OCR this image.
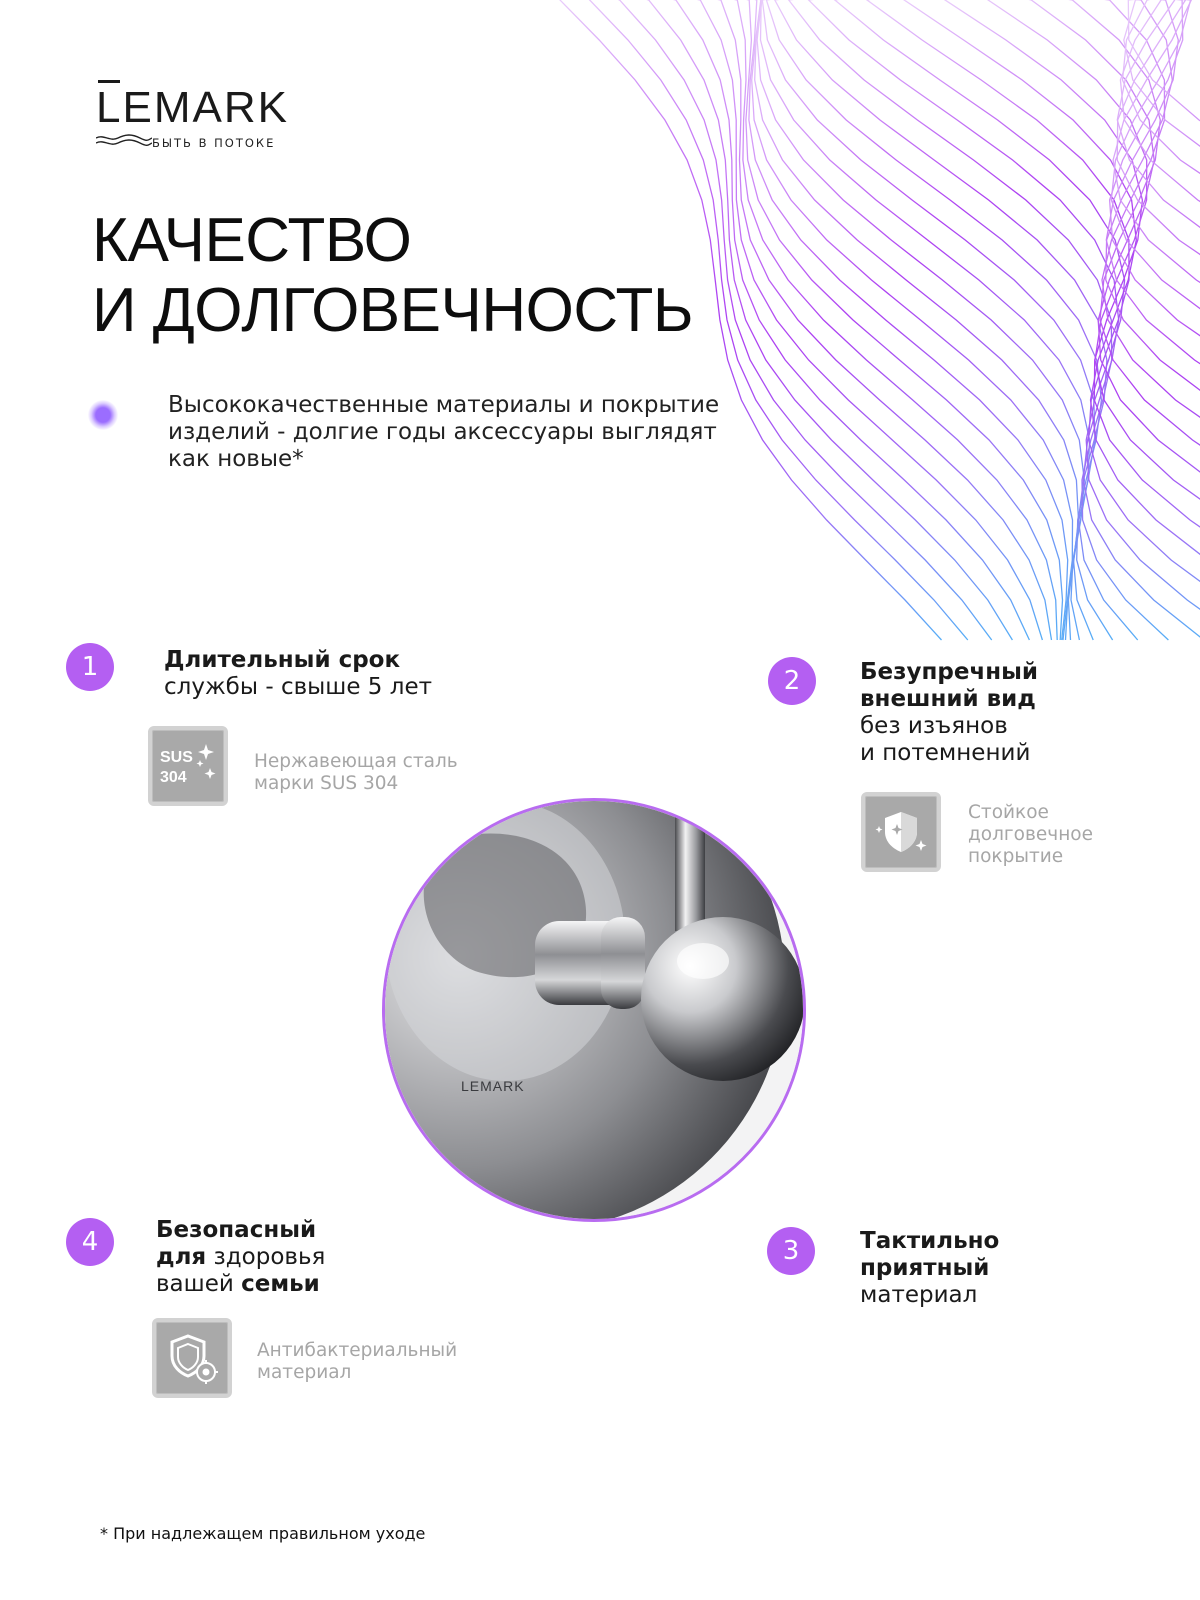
LEMARK
БЫТЬ В ПОТОКЕ
КАЧЕСТВО
И ДОЛГОВЕЧНОСТЬ
Высококачественные материалы и покрытие
изделий - долгие годы аксессуары выглядят
как новые*
1	Длительный срок
службы - свыше 5 лет
SUS
304
Нержавеющая сталь
марки SUS 304
2	Безупречный
внешний вид
без изъянов
и потемнений
Стойкое
долговечное
покрытие
3	Тактильно
приятный
материал
4	Безопасный
для здоровья
вашей семьи
Антибактериальный
материал
LEMARK
* При надлежащем правильном уходе
